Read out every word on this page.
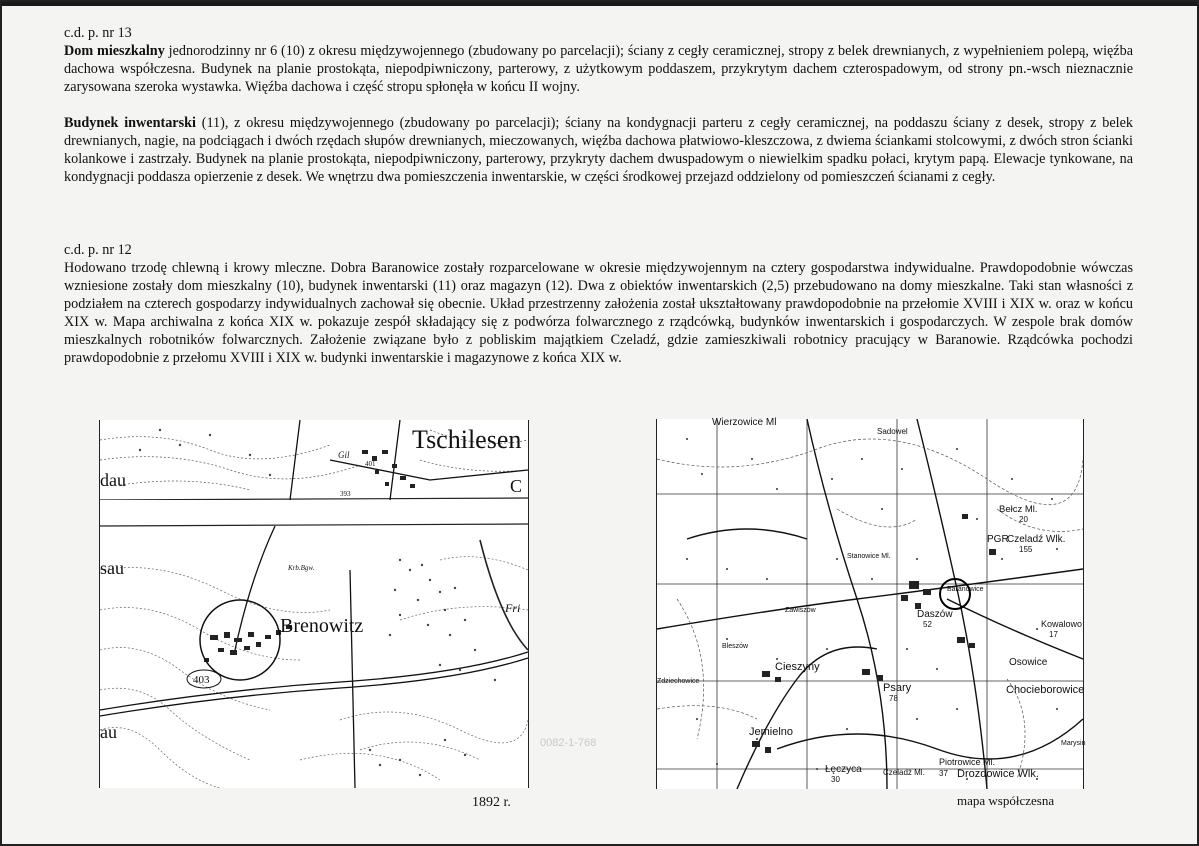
c.d. p. nr 13

Dom mieszkalny jednorodzinny nr 6 (10) z okresu międzywojennego (zbudowany po parcelacji); ściany z cegły ceramicznej, stropy z belek drewnianych, z wypełnieniem polepą, więźba dachowa współczesna. Budynek na planie prostokąta, niepodpiwniczony, parterowy, z użytkowym poddaszem, przykrytym dachem czterospadowym, od strony pn.-wsch nieznacznie zarysowana szeroka wystawka. Więźba dachowa i część stropu spłonęła w końcu II wojny.

Budynek inwentarski (11), z okresu międzywojennego (zbudowany po parcelacji); ściany na kondygnacji parteru z cegły ceramicznej, na poddaszu ściany z desek, stropy z belek drewnianych, nagie, na podciągach i dwóch rzędach słupów drewnianych, mieczowanych, więźba dachowa płatwiowo-kleszczowa, z dwiema ściankami stolcowymi, z dwóch stron ścianki kolankowe i zastrzały. Budynek na planie prostokąta, niepodpiwniczony, parterowy, przykryty dachem dwuspadowym o niewielkim spadku połaci, krytym papą. Elewacje tynkowane, na kondygnacji poddasza opierzenie z desek. We wnętrzu dwa pomieszczenia inwentarskie, w części środkowej przejazd oddzielony od pomieszczeń ścianami z cegły.

c.d. p. nr 12

Hodowano trzodę chlewną i krowy mleczne. Dobra Baranowice zostały rozparcelowane w okresie międzywojennym na cztery gospodarstwa indywidualne. Prawdopodobnie wówczas wzniesione zostały dom mieszkalny (10), budynek inwentarski (11) oraz magazyn (12). Dwa z obiektów inwentarskich (2,5) przebudowano na domy mieszkalne. Taki stan własności z podziałem na czterech gospodarzy indywidualnych zachował się obecnie. Układ przestrzenny założenia został ukształtowany prawdopodobnie na przełomie XVIII i XIX w. oraz w końcu XIX w. Mapa archiwalna z końca XIX w. pokazuje zespół składający się z podwórza folwarcznego z rządcówką, budynków inwentarskich i gospodarczych. W zespole brak domów mieszkalnych robotników folwarcznych. Założenie związane było z pobliskim majątkiem Czeladź, gdzie zamieszkiwali robotnicy pracujący w Baranowie. Rządcówka pochodzi prawdopodobnie z przełomu XVIII i XIX w. budynki inwentarskie i magazynowe z końca XIX w.

Tschilesen
Brenowitz
403
dau
sau
au
Fri
C
Gil
401
393
Krb.Bgw.
1892 r.
Wierzowice Ml
Sadowel
Bełcz Ml.
20
PGR
Czeladź Wlk.
155
Stanowice Ml.
Baranowice
Daszów
52	Kowalowo
17
Zawiszów
Bleszów
Cieszyny	Osowice
Psary
78
Chocieborowice
Zdziechowice
Jemielno
Marysin
Łęczyca
30
Czeladź Ml.
Piotrowice Ml.
37 Drozdowice Wlk.
mapa współczesna
0082-1-768
